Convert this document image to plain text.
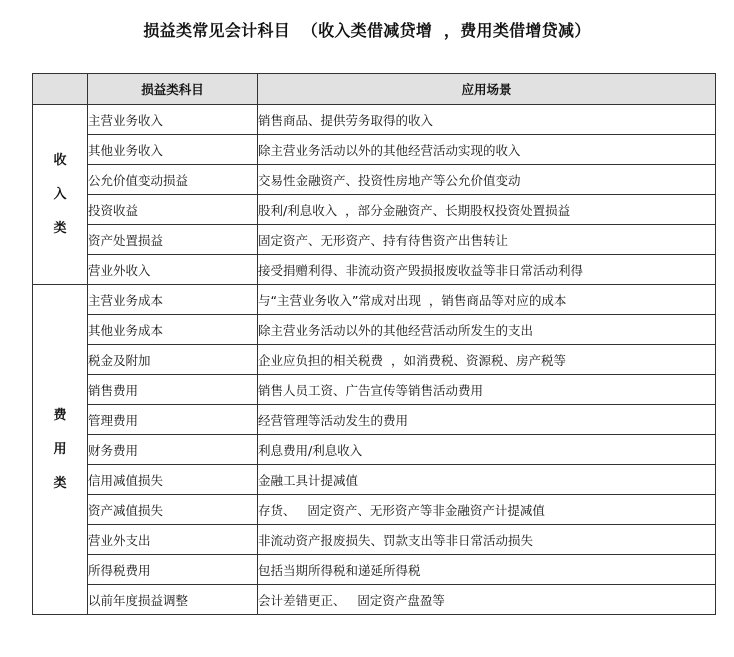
损益类常见会计科目  （收入类借减贷增  ，费用类借增贷减）
	损益类科目	应用场景

收
入
类	主营业务收入	销售商品、提供劳务取得的收入
	其他业务收入	除主营业务活动以外的其他经营活动实现的收入
	公允价值变动损益	交易性金融资产、投资性房地产等公允价值变动
	投资收益	股利/利息收入  ，部分金融资产、长期股权投资处置损益
	资产处置损益	固定资产、无形资产、持有待售资产出售转让
	营业外收入	接受捐赠利得、非流动资产毁损报废收益等非日常活动利得

费
用
类	主营业务成本	与“主营业务收入”常成对出现  ，销售商品等对应的成本
	其他业务成本	除主营业务活动以外的其他经营活动所发生的支出
	税金及附加	企业应负担的相关税费  ，如消费税、资源税、房产税等
	销售费用	销售人员工资、广告宣传等销售活动费用
	管理费用	经营管理等活动发生的费用
	财务费用	利息费用/利息收入
	信用减值损失	金融工具计提减值
	资产减值损失	存货、   固定资产、无形资产等非金融资产计提减值
	营业外支出	非流动资产报废损失、罚款支出等非日常活动损失
	所得税费用	包括当期所得税和递延所得税
	以前年度损益调整	会计差错更正、   固定资产盘盈等
